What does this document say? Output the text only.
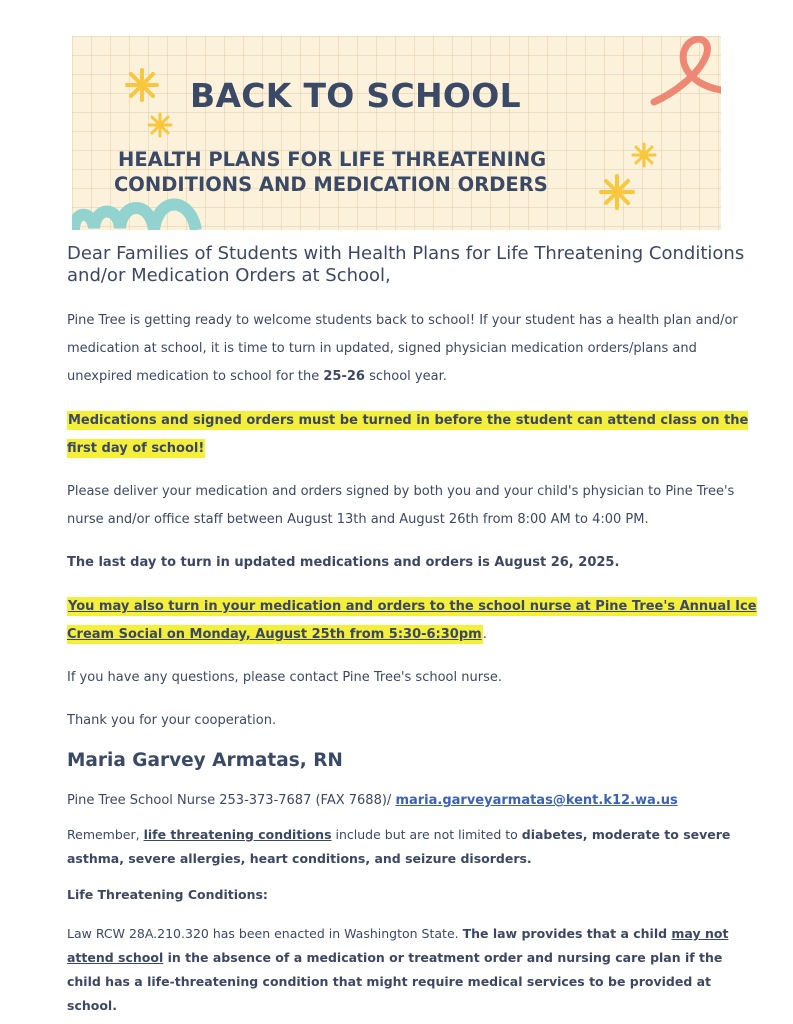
BACK TO SCHOOL
HEALTH PLANS FOR LIFE THREATENING
CONDITIONS AND MEDICATION ORDERS
Dear Families of Students with Health Plans for Life Threatening Conditions and/or Medication Orders at School,

Pine Tree is getting ready to welcome students back to school! If your student has a health plan and/or medication at school, it is time to turn in updated, signed physician medication orders/plans and unexpired medication to school for the 25-26 school year.

Medications and signed orders must be turned in before the student can attend class on the first day of school!

Please deliver your medication and orders signed by both you and your child's physician to Pine Tree's nurse and/or office staff between August 13th and August 26th from 8:00 AM to 4:00 PM.

The last day to turn in updated medications and orders is August 26, 2025.

You may also turn in your medication and orders to the school nurse at Pine Tree's Annual Ice Cream Social on Monday, August 25th from 5:30-6:30pm.

If you have any questions, please contact Pine Tree's school nurse.

Thank you for your cooperation.

Maria Garvey Armatas, RN

Pine Tree School Nurse 253-373-7687 (FAX 7688)/ maria.garveyarmatas@kent.k12.wa.us

Remember, life threatening conditions include but are not limited to diabetes, moderate to severe asthma, severe allergies, heart conditions, and seizure disorders.

Life Threatening Conditions:

Law RCW 28A.210.320 has been enacted in Washington State. The law provides that a child may not attend school in the absence of a medication or treatment order and nursing care plan if the child has a life-threatening condition that might require medical services to be provided at school.
